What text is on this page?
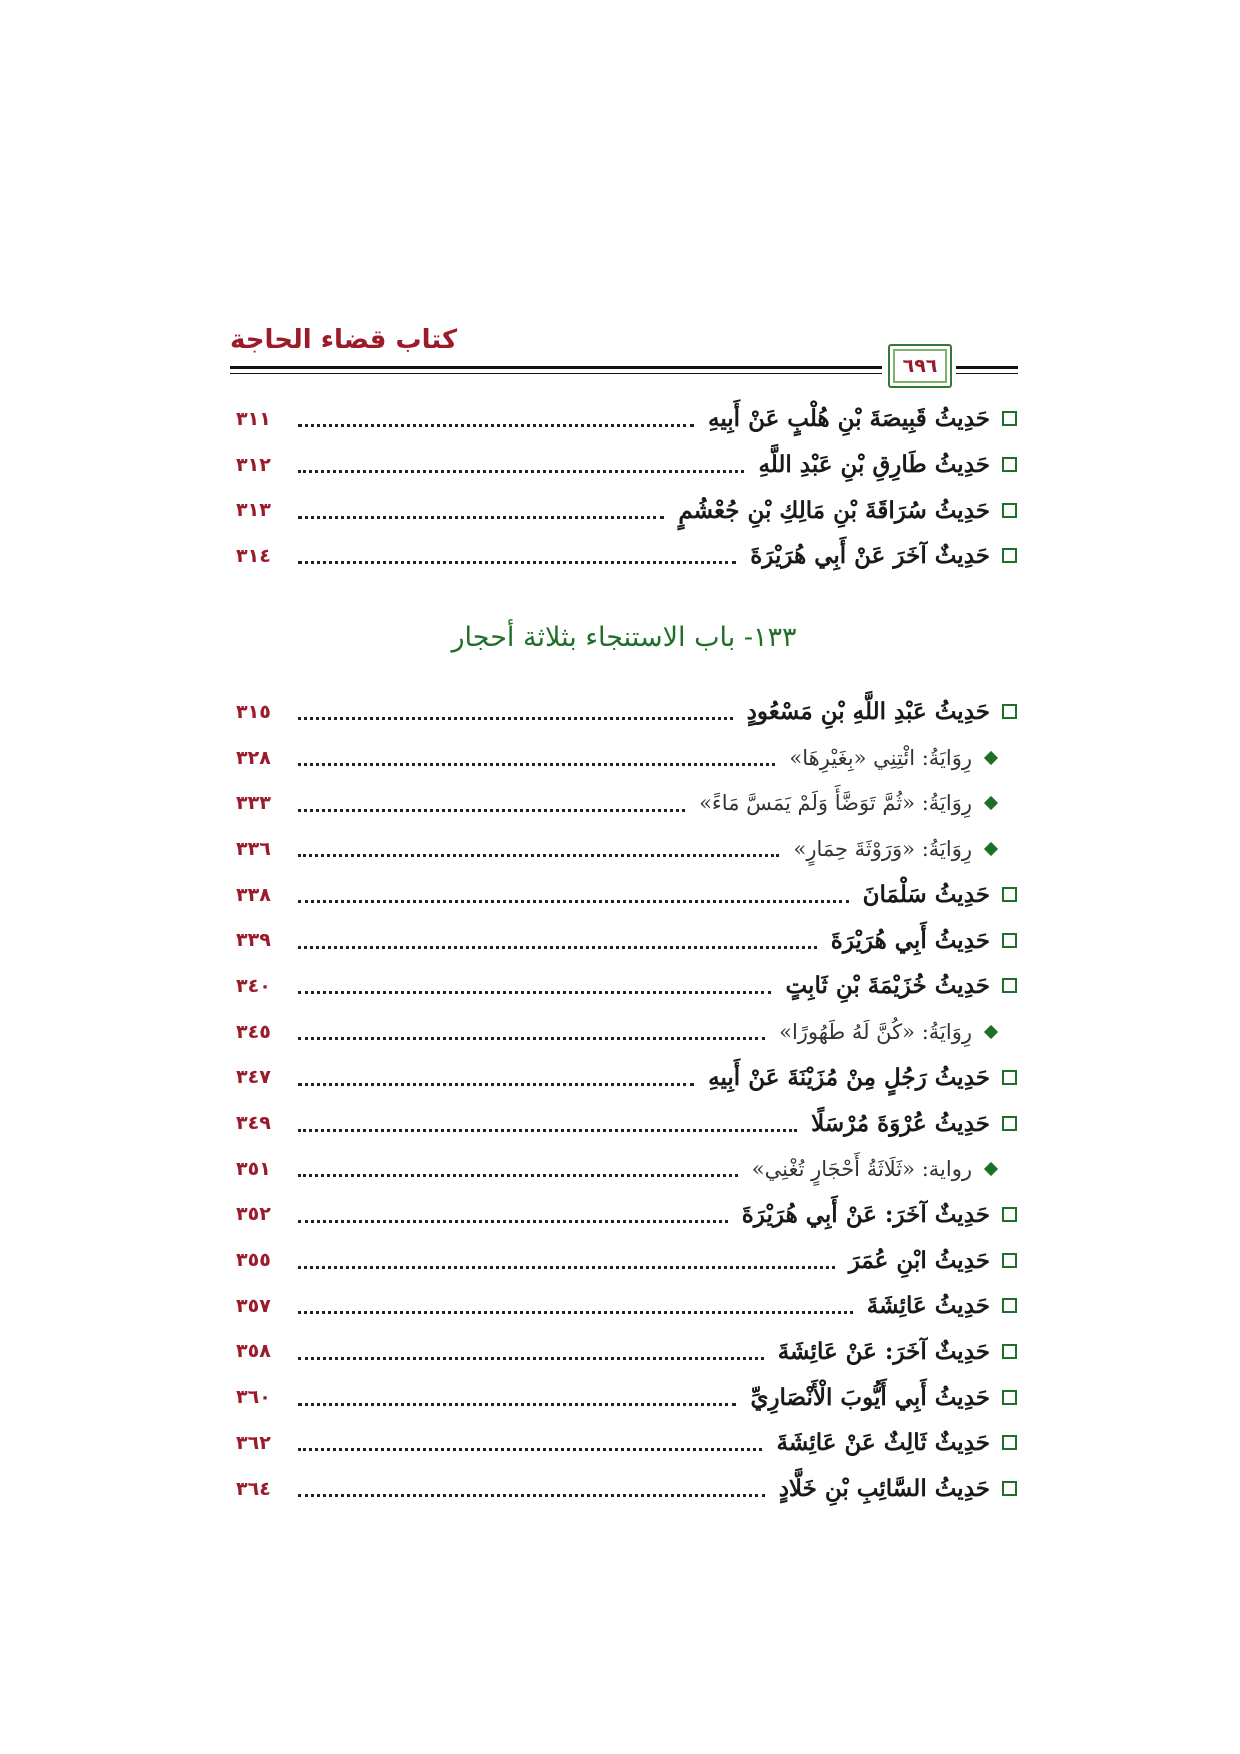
كتاب قضاء الحاجة
٦٩٦
حَدِيثُ قَبِيصَةَ بْنِ هُلْبٍ عَنْ أَبِيهِ
٣١١
حَدِيثُ طَارِقِ بْنِ عَبْدِ اللَّهِ
٣١٢
حَدِيثُ سُرَاقَةَ بْنِ مَالِكِ بْنِ جُعْشُمٍ
٣١٣
حَدِيثٌ آخَرَ عَنْ أَبِي هُرَيْرَةَ
٣١٤
١٣٣- باب الاستنجاء بثلاثة أحجار
حَدِيثُ عَبْدِ اللَّهِ بْنِ مَسْعُودٍ
٣١٥
رِوَايَةُ: ائْتِنِي «بِغَيْرِهَا»
٣٢٨
رِوَايَةُ: «ثُمَّ تَوَضَّأَ وَلَمْ يَمَسَّ مَاءً»
٣٣٣
رِوَايَةُ: «وَرَوْثَةَ حِمَارٍ»
٣٣٦
حَدِيثُ سَلْمَانَ
٣٣٨
حَدِيثُ أَبِي هُرَيْرَةَ
٣٣٩
حَدِيثُ خُزَيْمَةَ بْنِ ثَابِتٍ
٣٤٠
رِوَايَةُ: «كُنَّ لَهُ طَهُورًا»
٣٤٥
حَدِيثُ رَجُلٍ مِنْ مُزَيْنَةَ عَنْ أَبِيهِ
٣٤٧
حَدِيثُ عُرْوَةَ مُرْسَلًا
٣٤٩
رواية: «ثَلَاثَةُ أَحْجَارٍ تُغْنِي»
٣٥١
حَدِيثٌ آخَرَ: عَنْ أَبِي هُرَيْرَةَ
٣٥٢
حَدِيثُ ابْنِ عُمَرَ
٣٥٥
حَدِيثُ عَائِشَةَ
٣٥٧
حَدِيثٌ آخَرَ: عَنْ عَائِشَةَ
٣٥٨
حَدِيثُ أَبِي أَيُّوبَ الْأَنْصَارِيِّ
٣٦٠
حَدِيثٌ ثَالِثٌ عَنْ عَائِشَةَ
٣٦٢
حَدِيثُ السَّائِبِ بْنِ خَلَّادٍ
٣٦٤
